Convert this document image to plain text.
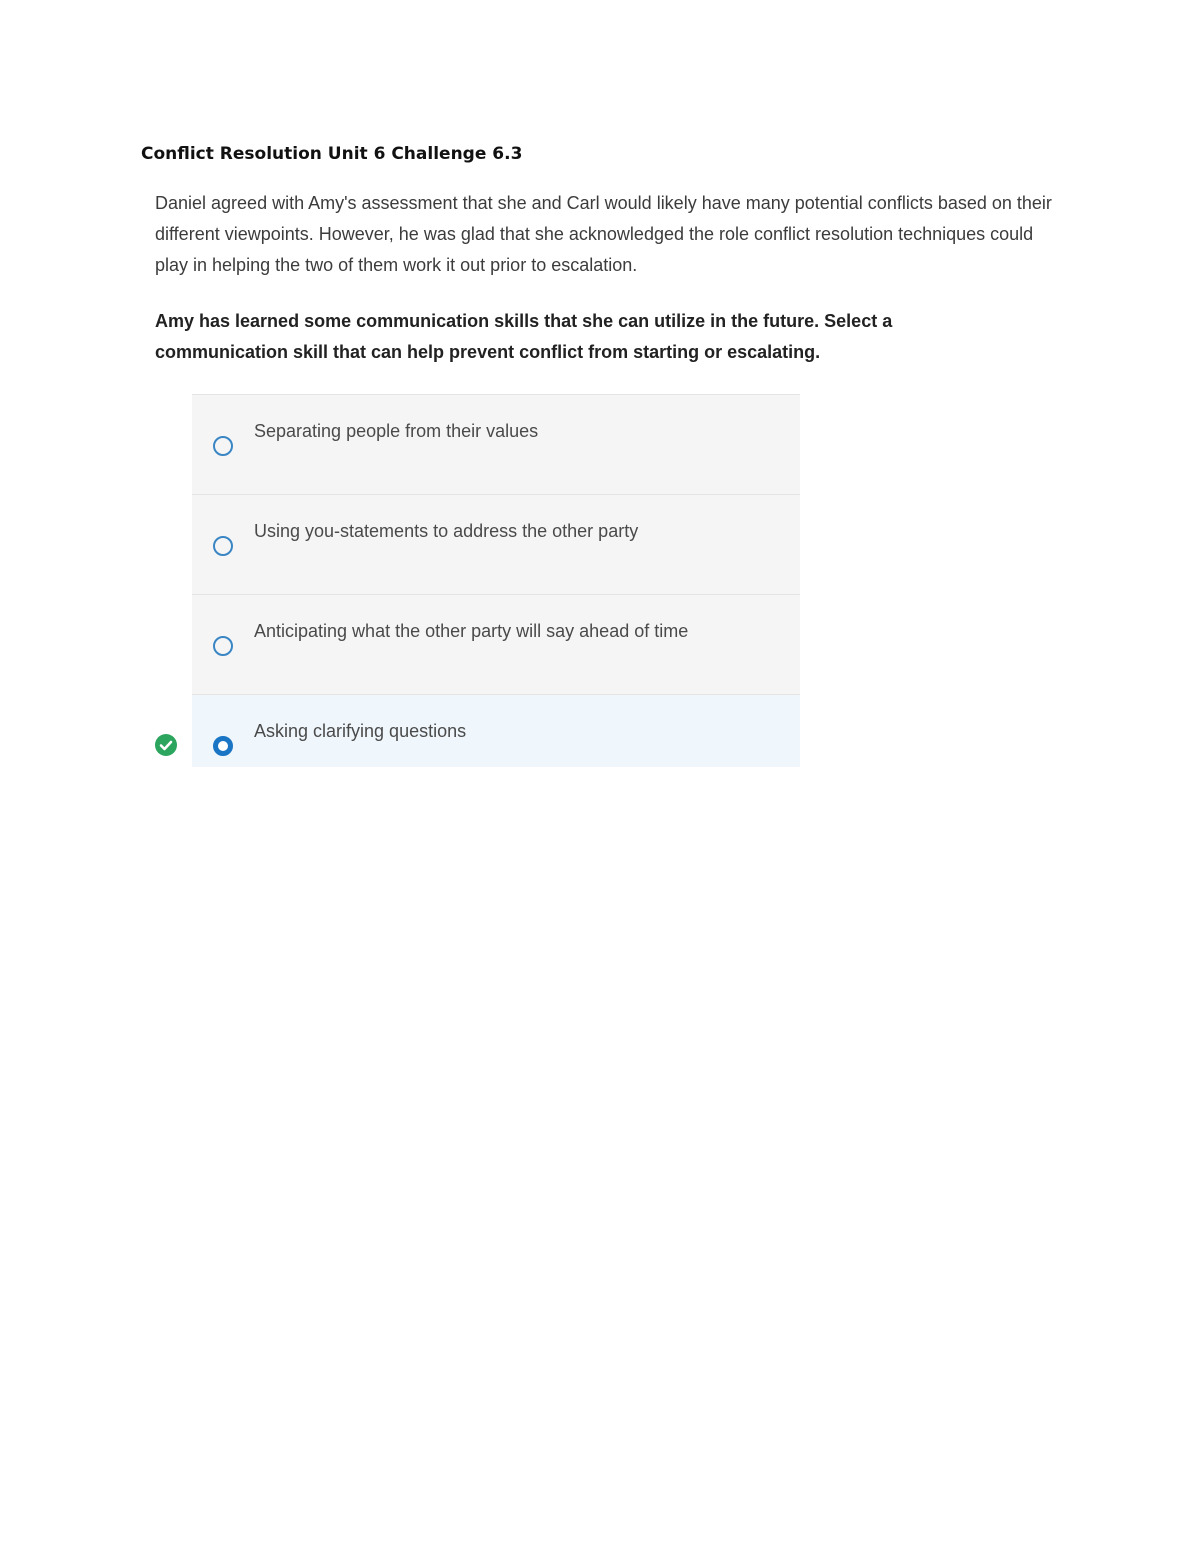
Conflict Resolution Unit 6 Challenge 6.3

Daniel agreed with Amy's assessment that she and Carl would likely have many potential conflicts based on their different viewpoints. However, he was glad that she acknowledged the role conflict resolution techniques could play in helping the two of them work it out prior to escalation.

Amy has learned some communication skills that she can utilize in the future. Select a communication skill that can help prevent conflict from starting or escalating.

Separating people from their values
Using you-statements to address the other party
Anticipating what the other party will say ahead of time
Asking clarifying questions
